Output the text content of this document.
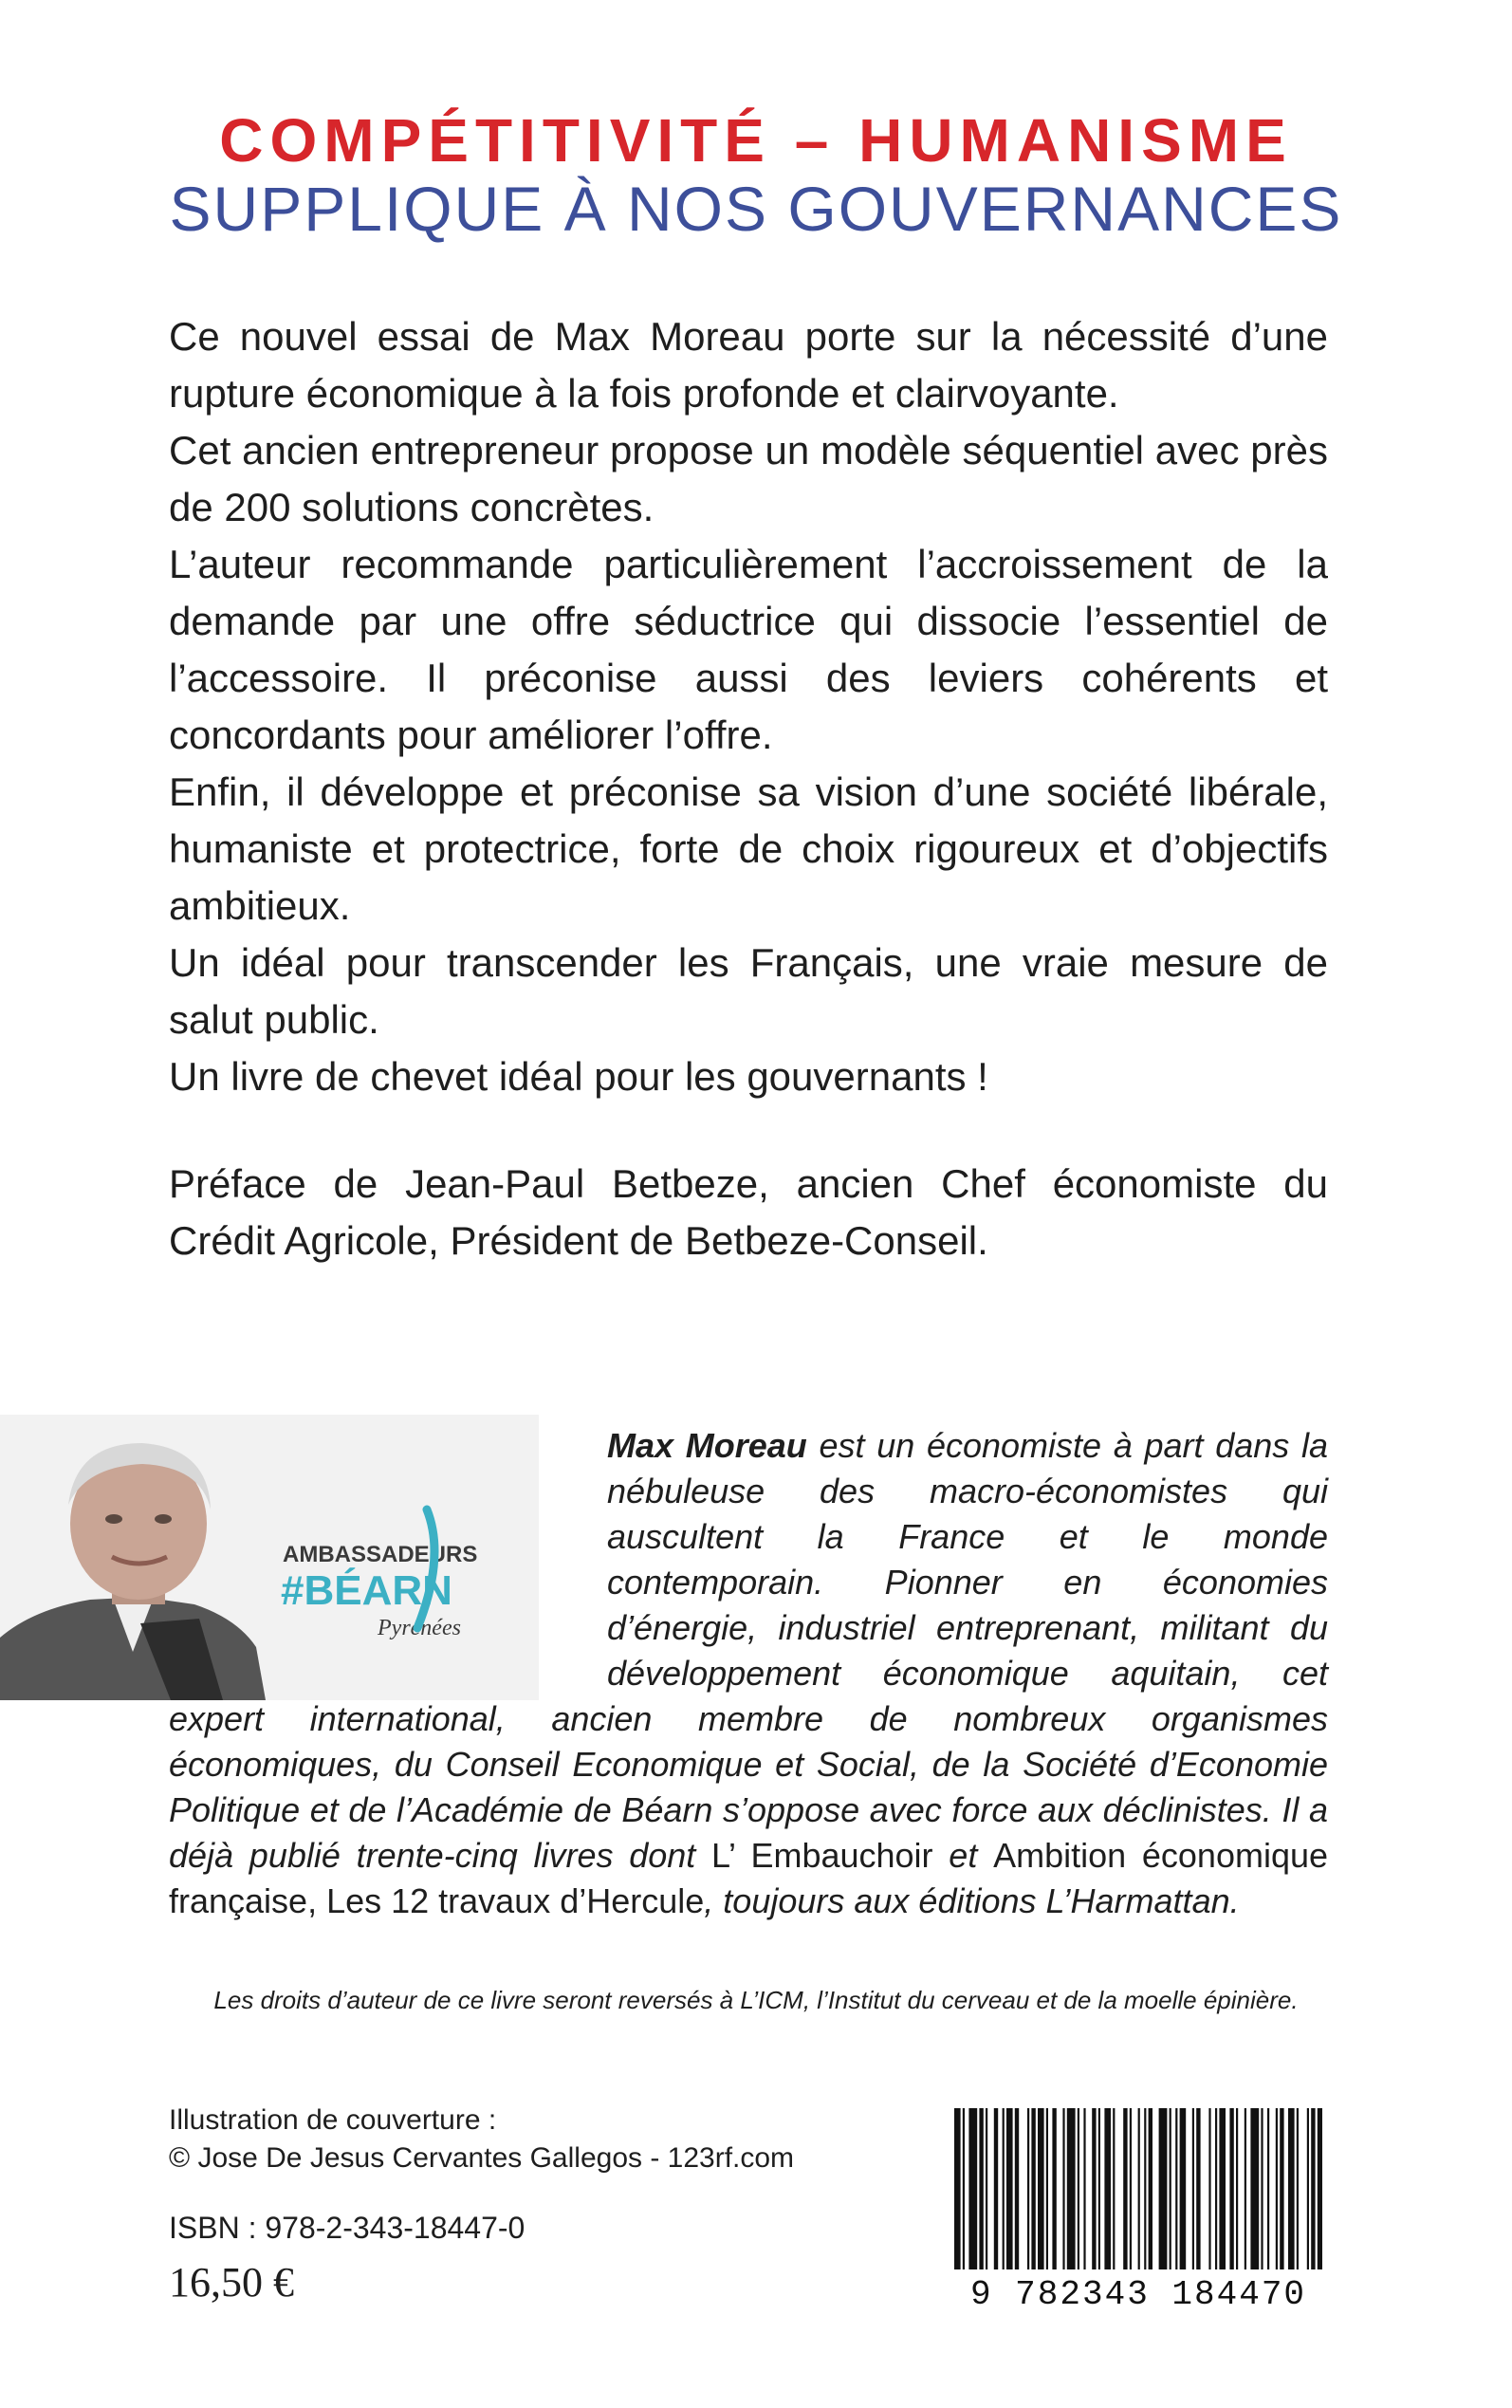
COMPÉTITIVITÉ – HUMANISME
SUPPLIQUE À NOS GOUVERNANCES

Ce nouvel essai de Max Moreau porte sur la nécessité d’une rupture économique à la fois profonde et clairvoyante.

Cet ancien entrepreneur propose un modèle séquentiel avec près de 200 solutions concrètes.

L’auteur recommande particulièrement l’accroissement de la demande par une offre séductrice qui dissocie l’essentiel de l’accessoire. Il préconise aussi des leviers cohérents et concordants pour améliorer l’offre.

Enfin, il développe et préconise sa vision d’une société libérale, humaniste et protectrice, forte de choix rigoureux et d’objectifs ambitieux.

Un idéal pour transcender les Français, une vraie mesure de salut public.

Un livre de chevet idéal pour les gouvernants !

Préface de Jean-Paul Betbeze, ancien Chef économiste du Crédit Agricole, Président de Betbeze-Conseil.
AMBASSADEURS
#BÉARN
Pyrénées
Max Moreau est un économiste à part dans la nébuleuse des macro-économistes qui auscultent la France et le monde contemporain. Pionner en économies d’énergie, industriel entreprenant, militant du développement économique aquitain, cet expert international, ancien membre de nombreux organismes économiques, du Conseil Economique et Social, de la Société d’Economie Politique et de l’Académie de Béarn s’oppose avec force aux déclinistes. Il a déjà publié trente-cinq livres dont L’ Embauchoir et Ambition économique française, Les 12 travaux d’Hercule, toujours aux éditions L’Harmattan.
Les droits d’auteur de ce livre seront reversés à L’ICM, l’Institut du cerveau et de la moelle épinière.
Illustration de couverture :
© Jose De Jesus Cervantes Gallegos - 123rf.com
ISBN : 978-2-343-18447-0
16,50 €	9 782343 184470
